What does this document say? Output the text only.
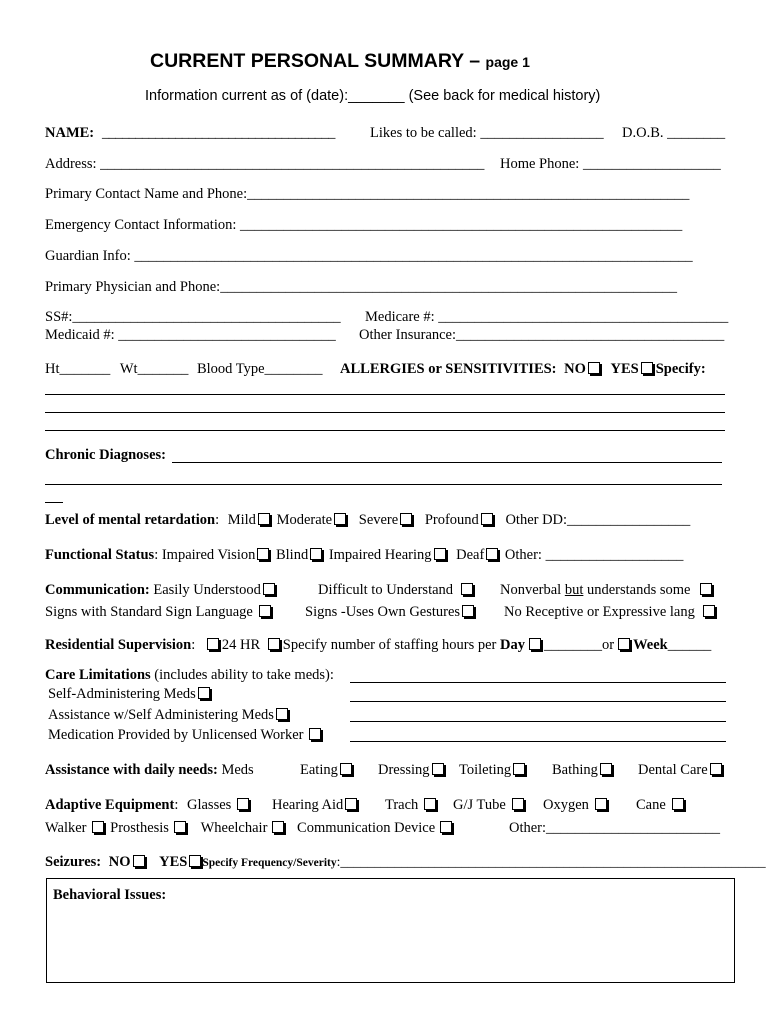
CURRENT PERSONAL SUMMARY – page 1
Information current as of (date):_______ (See back for medical history)
NAME: ___________________________________ Likes to be called: _________________ D.O.B. ________
Address: _____________________________________________________ Home Phone: ___________________
Primary Contact Name and Phone:_____________________________________________________________
Emergency Contact Information: _____________________________________________________________
Guardian Info: _____________________________________________________________________________
Primary Physician and Phone:_______________________________________________________________
SS#:_____________________________________ Medicare #: ________________________________________
Medicaid #: ______________________________ Other Insurance:_____________________________________
Ht_______ Wt_______ Blood Type________ ALLERGIES or SENSITIVITIES: NO YES Specify:
Chronic Diagnoses:
Level of mental retardation: Mild Moderate Severe Profound Other DD:_________________
Functional Status: Impaired Vision Blind Impaired Hearing Deaf Other: ___________________
Communication: Easily Understood	Difficult to Understand	Nonverbal but understands some
Signs with Standard Sign Language	Signs -Uses Own Gestures	No Receptive or Expressive lang
Residential Supervision: 24 HR Specify number of staffing hours per Day ________or Week______
Care Limitations (includes ability to take meds):
Self-Administering Meds
Assistance w/Self Administering Meds
Medication Provided by Unlicensed Worker
Assistance with daily needs: Meds	Eating	Dressing	Toileting	Bathing	Dental Care
Adaptive Equipment: Glasses	Hearing Aid	Trach	G/J Tube	Oxygen	Cane
Walker Prosthesis Wheelchair Communication Device	Other:________________________
Seizures: NO YES Specify Frequency/Severity:_______________________________________________________________
Behavioral Issues:
